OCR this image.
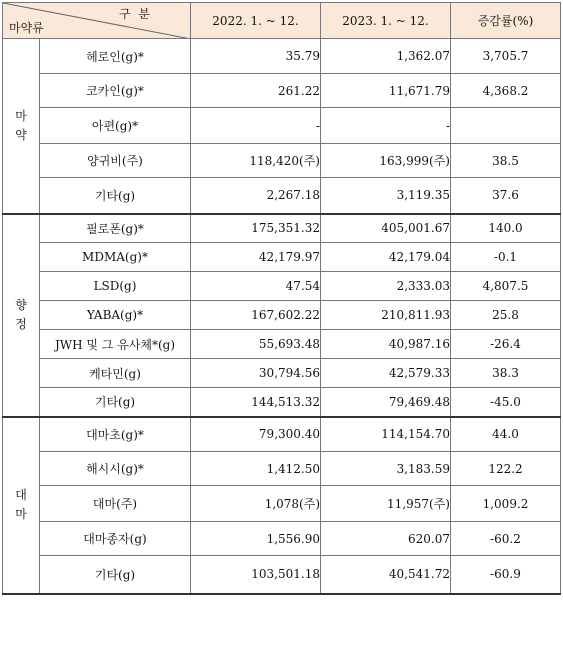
구 분
마약류		2022. 1. ~ 12.	2023. 1. ~ 12.	증감률(%)

마
약	헤로인(g)*	35.79	1,362.07	3,705.7
	코카인(g)*	261.22	11,671.79	4,368.2
	아편(g)*	-	-	
	양귀비(주)	118,420(주)	163,999(주)	38.5
	기타(g)	2,267.18	3,119.35	37.6

향
정	필로폰(g)*	175,351.32	405,001.67	140.0
	MDMA(g)*	42,179.97	42,179.04	-0.1
	LSD(g)	47.54	2,333.03	4,807.5
	YABA(g)*	167,602.22	210,811.93	25.8
	JWH 및 그 유사체*(g)	55,693.48	40,987.16	-26.4
	케타민(g)	30,794.56	42,579.33	38.3
	기타(g)	144,513.32	79,469.48	-45.0

대
마	대마초(g)*	79,300.40	114,154.70	44.0
	해시시(g)*	1,412.50	3,183.59	122.2
	대마(주)	1,078(주)	11,957(주)	1,009.2
	대마종자(g)	1,556.90	620.07	-60.2
	기타(g)	103,501.18	40,541.72	-60.9
